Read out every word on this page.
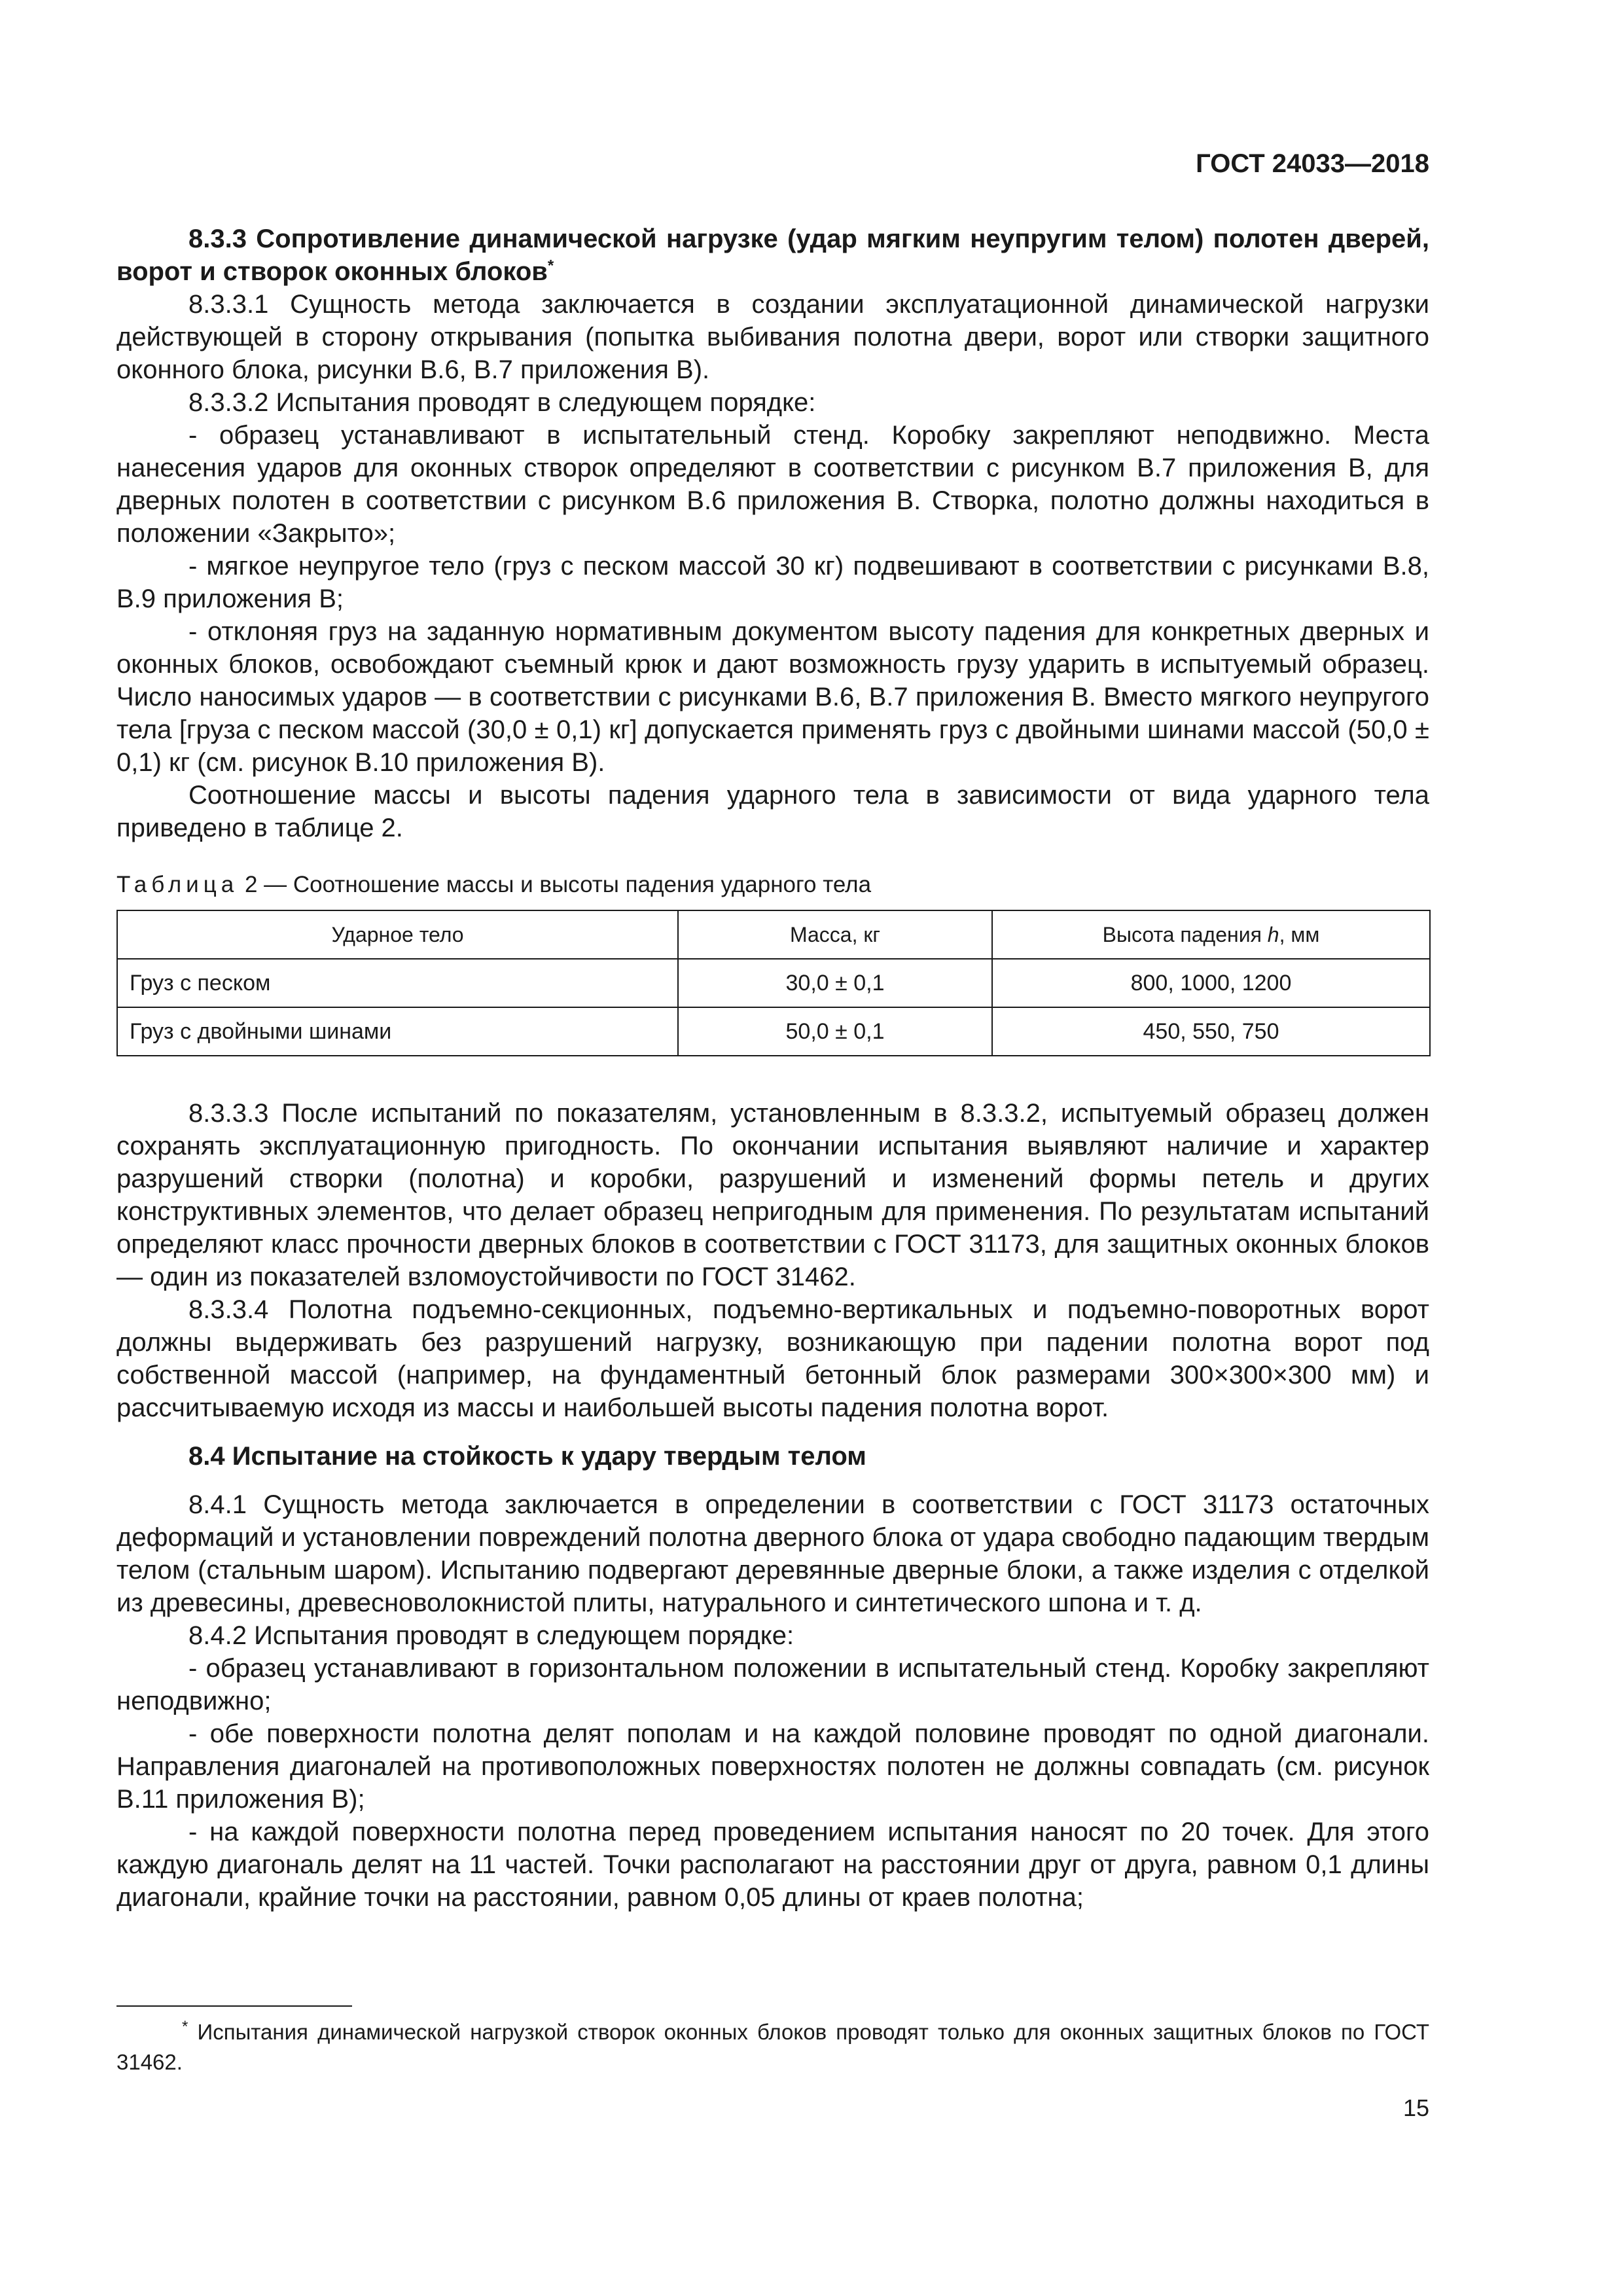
ГОСТ 24033—2018

8.3.3 Сопротивление динамической нагрузке (удар мягким неупругим телом) полотен дверей, ворот и створок оконных блоков*

8.3.3.1 Сущность метода заключается в создании эксплуатационной динамической нагрузки действующей в сторону открывания (попытка выбивания полотна двери, ворот или створки защитного оконного блока, рисунки В.6, В.7 приложения В).

8.3.3.2 Испытания проводят в следующем порядке:

- образец устанавливают в испытательный стенд. Коробку закрепляют неподвижно. Места нанесения ударов для оконных створок определяют в соответствии с рисунком В.7 приложения В, для дверных полотен в соответствии с рисунком В.6 приложения В. Створка, полотно должны находиться в положении «Закрыто»;

- мягкое неупругое тело (груз с песком массой 30 кг) подвешивают в соответствии с рисунками В.8, В.9 приложения В;

- отклоняя груз на заданную нормативным документом высоту падения для конкретных дверных и оконных блоков, освобождают съемный крюк и дают возможность грузу ударить в испытуемый образец. Число наносимых ударов — в соответствии с рисунками В.6, В.7 приложения В. Вместо мягкого неупругого тела [груза с песком массой (30,0 ± 0,1) кг] допускается применять груз с двойными шинами массой (50,0 ± 0,1) кг (см. рисунок В.10 приложения В).

Соотношение массы и высоты падения ударного тела в зависимости от вида ударного тела приведено в таблице 2.

Таблица 2 — Соотношение массы и высоты падения ударного тела
Ударное тело	Масса, кг	Высота падения h, мм
Груз с песком	30,0 ± 0,1	800, 1000, 1200
Груз с двойными шинами	50,0 ± 0,1	450, 550, 750

8.3.3.3 После испытаний по показателям, установленным в 8.3.3.2, испытуемый образец должен сохранять эксплуатационную пригодность. По окончании испытания выявляют наличие и характер разрушений створки (полотна) и коробки, разрушений и изменений формы петель и других конструктивных элементов, что делает образец непригодным для применения. По результатам испытаний определяют класс прочности дверных блоков в соответствии с ГОСТ 31173, для защитных оконных блоков — один из показателей взломоустойчивости по ГОСТ 31462.

8.3.3.4 Полотна подъемно-секционных, подъемно-вертикальных и подъемно-поворотных ворот должны выдерживать без разрушений нагрузку, возникающую при падении полотна ворот под собственной массой (например, на фундаментный бетонный блок размерами 300×300×300 мм) и рассчитываемую исходя из массы и наибольшей высоты падения полотна ворот.

8.4 Испытание на стойкость к удару твердым телом

8.4.1 Сущность метода заключается в определении в соответствии с ГОСТ 31173 остаточных деформаций и установлении повреждений полотна дверного блока от удара свободно падающим твердым телом (стальным шаром). Испытанию подвергают деревянные дверные блоки, а также изделия с отделкой из древесины, древесноволокнистой плиты, натурального и синтетического шпона и т. д.

8.4.2 Испытания проводят в следующем порядке:

- образец устанавливают в горизонтальном положении в испытательный стенд. Коробку закрепляют неподвижно;

- обе поверхности полотна делят пополам и на каждой половине проводят по одной диагонали. Направления диагоналей на противоположных поверхностях полотен не должны совпадать (см. рисунок В.11 приложения В);

- на каждой поверхности полотна перед проведением испытания наносят по 20 точек. Для этого каждую диагональ делят на 11 частей. Точки располагают на расстоянии друг от друга, равном 0,1 длины диагонали, крайние точки на расстоянии, равном 0,05 длины от краев полотна;

* Испытания динамической нагрузкой створок оконных блоков проводят только для оконных защитных блоков по ГОСТ 31462.

15
